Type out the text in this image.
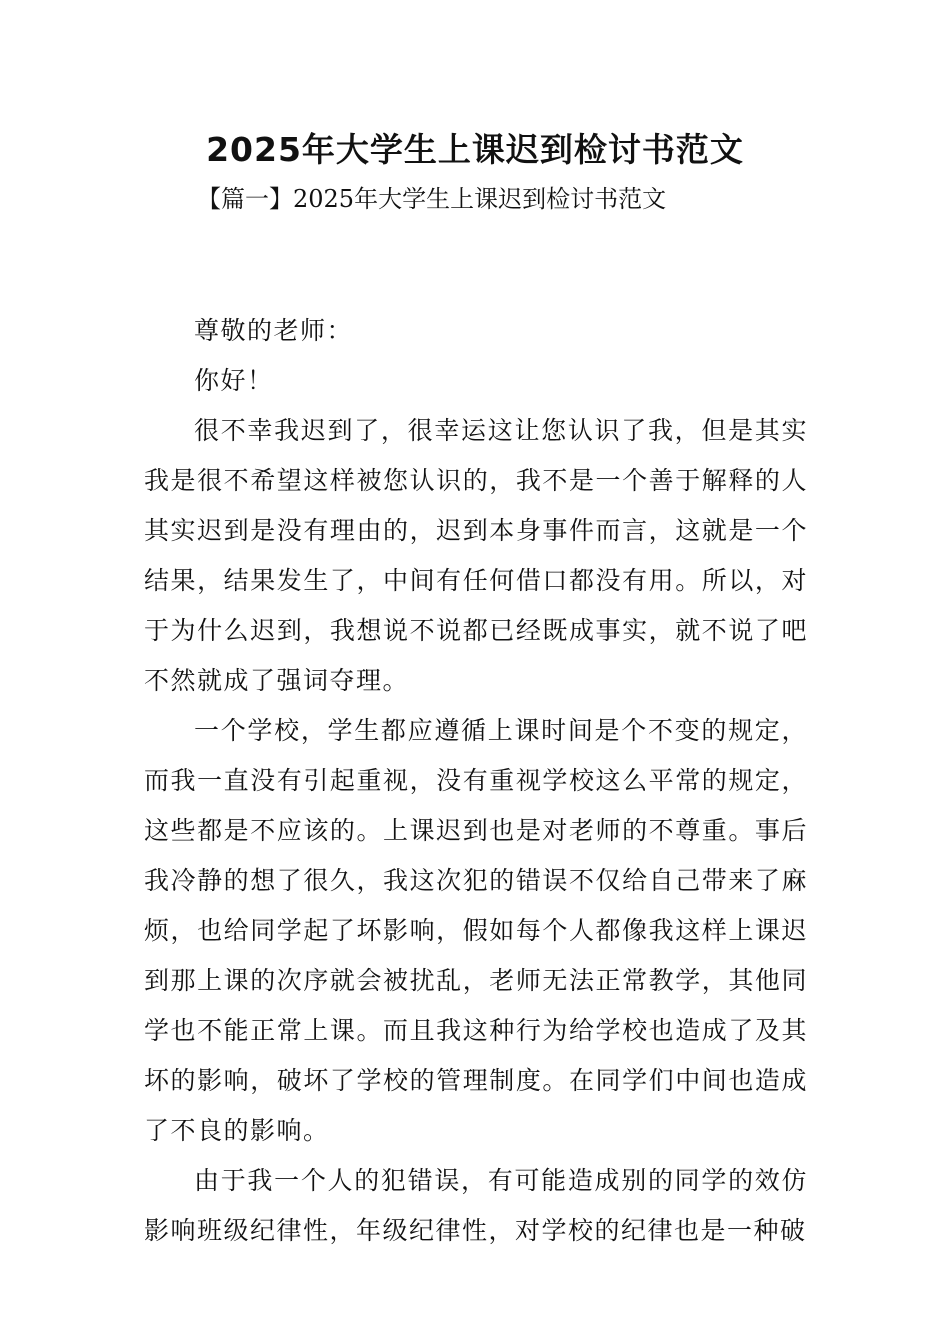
2025年大学生上课迟到检讨书范文

【篇一】2025年大学生上课迟到检讨书范文

尊敬的老师：

你好！

很不幸我迟到了，很幸运这让您认识了我，但是其实我是很不希望这样被您认识的，我不是一个善于解释的人其实迟到是没有理由的，迟到本身事件而言，这就是一个结果，结果发生了，中间有任何借口都没有用。所以，对于为什么迟到，我想说不说都已经既成事实，就不说了吧不然就成了强词夺理。

一个学校，学生都应遵循上课时间是个不变的规定，而我一直没有引起重视，没有重视学校这么平常的规定，这些都是不应该的。上课迟到也是对老师的不尊重。事后我冷静的想了很久，我这次犯的错误不仅给自己带来了麻烦，也给同学起了坏影响，假如每个人都像我这样上课迟到那上课的次序就会被扰乱，老师无法正常教学，其他同学也不能正常上课。而且我这种行为给学校也造成了及其坏的影响，破坏了学校的管理制度。在同学们中间也造成了不良的影响。

由于我一个人的犯错误，有可能造成别的同学的效仿影响班级纪律性，年级纪律性，对学校的纪律也是一种破
